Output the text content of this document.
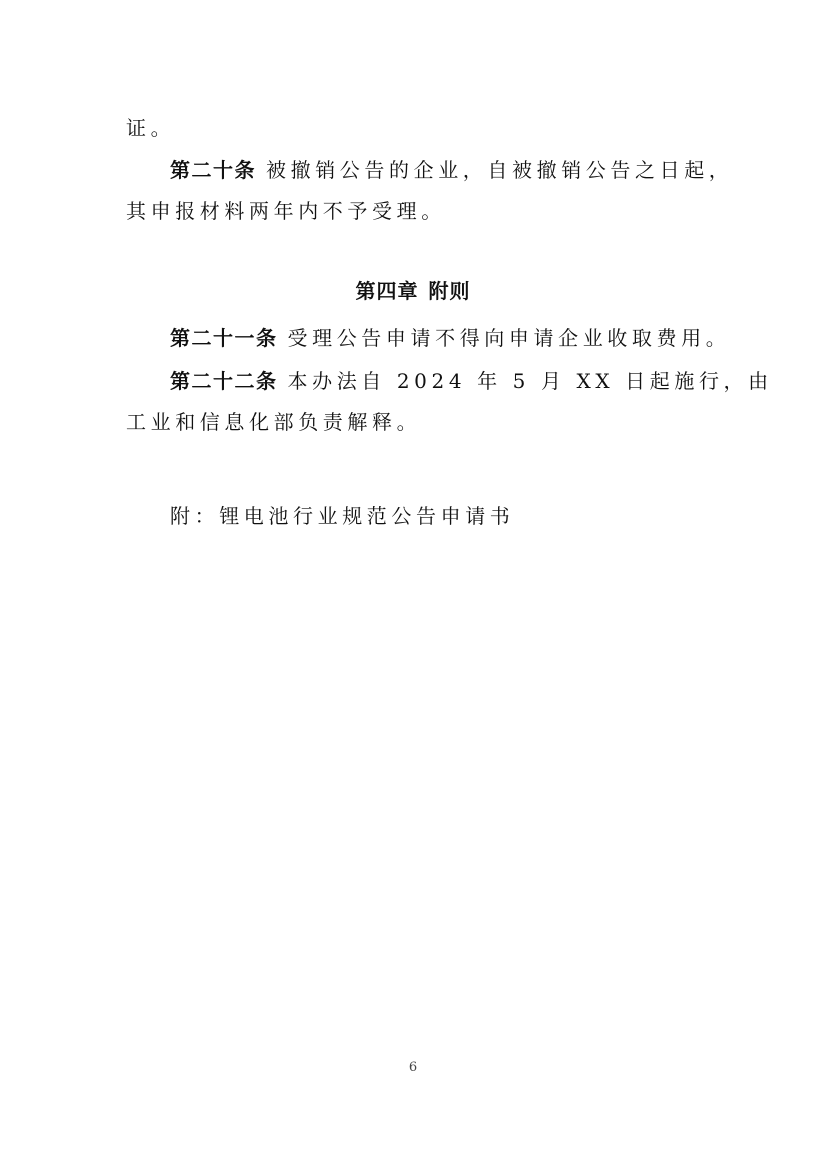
证。
第二十条 被撤销公告的企业，自被撤销公告之日起，
其申报材料两年内不予受理。
第四章 附则
第二十一条 受理公告申请不得向申请企业收取费用。
第二十二条 本办法自 2024 年 5 月 XX 日起施行，由
工业和信息化部负责解释。
附：锂电池行业规范公告申请书
6
